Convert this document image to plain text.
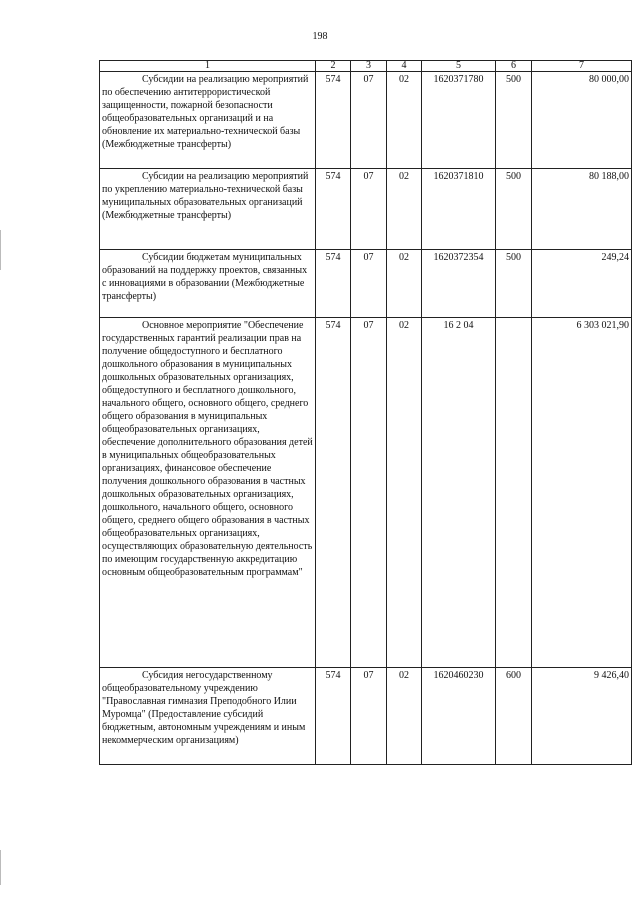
198
1	2	3	4	5	6	7
Субсидии на реализацию мероприятий по обеспечению антитеррористической защищенности, пожарной безопасности общеобразовательных организаций и на обновление их материально-технической базы (Межбюджетные трансферты)	574	07	02	1620371780	500	80 000,00
Субсидии на реализацию мероприятий по укреплению материально-технической базы муниципальных образовательных организаций (Межбюджетные трансферты)	574	07	02	1620371810	500	80 188,00
Субсидии бюджетам муниципальных образований на поддержку проектов, связанных с инновациями в образовании (Межбюджетные трансферты)	574	07	02	1620372354	500	249,24
Основное мероприятие "Обеспечение государственных гарантий реализации прав на получение общедоступного и бесплатного дошкольного образования в муниципальных дошкольных образовательных организациях, общедоступного и бесплатного дошкольного, начального общего, основного общего, среднего общего образования в муниципальных общеобразовательных организациях, обеспечение дополнительного образования детей в муниципальных общеобразовательных организациях, финансовое обеспечение получения дошкольного образования в частных дошкольных образовательных организациях, дошкольного, начального общего, основного общего, среднего общего образования в частных общеобразовательных организациях, осуществляющих образовательную деятельность по имеющим государственную аккредитацию основным общеобразовательным программам"	574	07	02	16 2 04		6 303 021,90
Субсидия негосударственному общеобразовательному учреждению "Православная гимназия Преподобного Илии Муромца" (Предоставление субсидий бюджетным, автономным учреждениям и иным некоммерческим организациям)	574	07	02	1620460230	600	9 426,40
